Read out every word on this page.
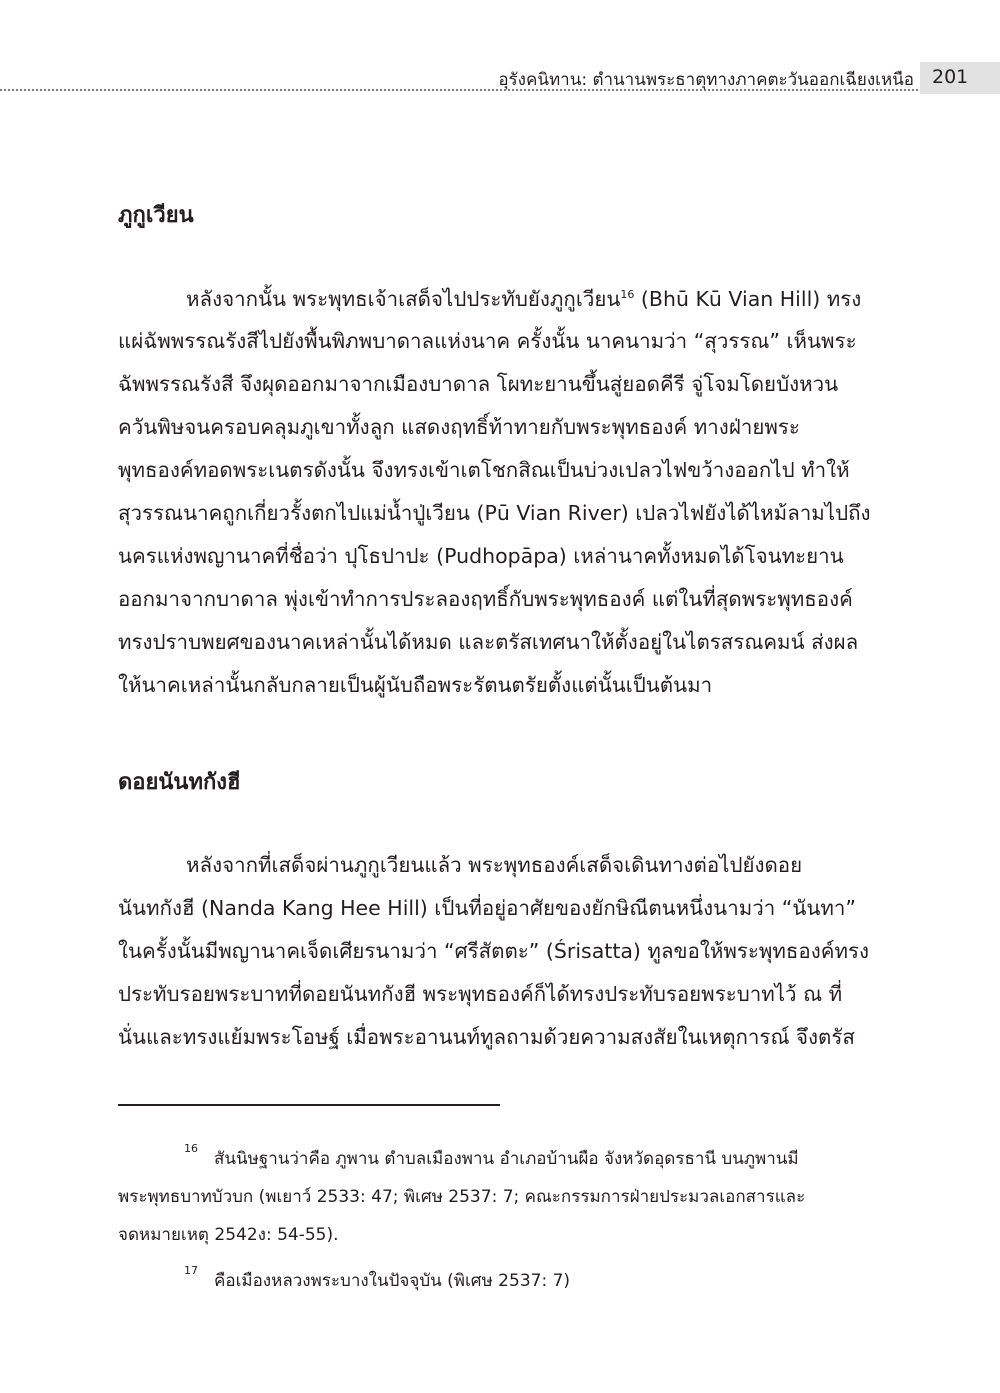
อุรังคนิทาน: ตำนานพระธาตุทางภาคตะวันออกเฉียงเหนือ 201
ภูกูเวียน
หลังจากนั้น พระพุทธเจ้าเสด็จไปประทับยังภูกูเวียน$^{16}$ (Bhū Kū Vian Hill) ทรง
แผ่ฉัพพรรณรังสีไปยังพื้นพิภพบาดาลแห่งนาค ครั้งนั้น นาคนามว่า “สุวรรณ” เห็นพระ
ฉัพพรรณรังสี จึงผุดออกมาจากเมืองบาดาล โผทะยานขึ้นสู่ยอดคีรี จู่โจมโดยบังหวน
ควันพิษจนครอบคลุมภูเขาทั้งลูก แสดงฤทธิ์ท้าทายกับพระพุทธองค์ ทางฝ่ายพระ
พุทธองค์ทอดพระเนตรดังนั้น จึงทรงเข้าเตโชกสิณเป็นบ่วงเปลวไฟขว้างออกไป ทำให้
สุวรรณนาคถูกเกี่ยวรั้งตกไปแม่น้ำปู่เวียน (Pū Vian River) เปลวไฟยังได้ไหม้ลามไปถึง
นครแห่งพญานาคที่ชื่อว่า ปุโธปาปะ (Pudhopāpa) เหล่านาคทั้งหมดได้โจนทะยาน
ออกมาจากบาดาล พุ่งเข้าทำการประลองฤทธิ์กับพระพุทธองค์ แต่ในที่สุดพระพุทธองค์
ทรงปราบพยศของนาคเหล่านั้นได้หมด และตรัสเทศนาให้ตั้งอยู่ในไตรสรณคมน์ ส่งผล
ให้นาคเหล่านั้นกลับกลายเป็นผู้นับถือพระรัตนตรัยตั้งแต่นั้นเป็นต้นมา
ดอยนันทกังฮี
หลังจากที่เสด็จผ่านภูกูเวียนแล้ว พระพุทธองค์เสด็จเดินทางต่อไปยังดอย
นันทกังฮี (Nanda Kang Hee Hill) เป็นที่อยู่อาศัยของยักษิณีตนหนึ่งนามว่า “นันทา”
ในครั้งนั้นมีพญานาคเจ็ดเศียรนามว่า “ศรีสัตตะ” (Śrisatta) ทูลขอให้พระพุทธองค์ทรง
ประทับรอยพระบาทที่ดอยนันทกังฮี พระพุทธองค์ก็ได้ทรงประทับรอยพระบาทไว้ ณ ที่
นั่นและทรงแย้มพระโอษฐ์ เมื่อพระอานนท์ทูลถามด้วยความสงสัยในเหตุการณ์ จึงตรัส
16
สันนิษฐานว่าคือ ภูพาน ตำบลเมืองพาน อำเภอบ้านผือ จังหวัดอุดรธานี บนภูพานมี
พระพุทธบาทบัวบก (พเยาว์ 2533: 47; พิเศษ 2537: 7; คณะกรรมการฝ่ายประมวลเอกสารและ
จดหมายเหตุ 2542ง: 54-55).
17
คือเมืองหลวงพระบางในปัจจุบัน (พิเศษ 2537: 7)
